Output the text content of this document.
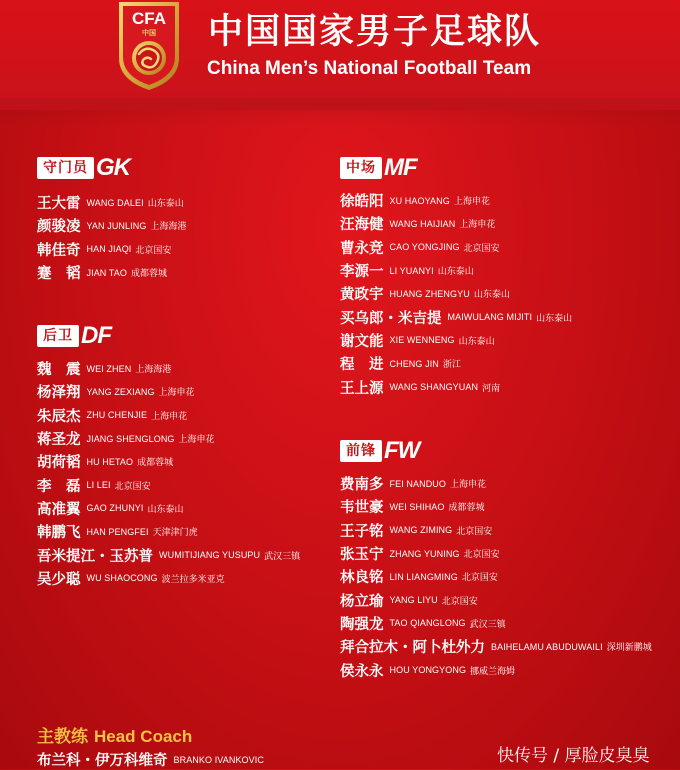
CFA
中国 中国国家男子足球队
China Men’s National Football Team
守门员 GK
王大雷 WANG DALEI 山东泰山
颜骏凌 YAN JUNLING 上海海港
韩佳奇 HAN JIAQI 北京国安
蹇　韬 JIAN TAO 成都蓉城
后卫 DF
魏　震 WEI ZHEN 上海海港
杨泽翔 YANG ZEXIANG 上海申花
朱辰杰 ZHU CHENJIE 上海申花
蒋圣龙 JIANG SHENGLONG 上海申花
胡荷韬 HU HETAO 成都蓉城
李　磊 LI LEI 北京国安
高准翼 GAO ZHUNYI 山东泰山
韩鹏飞 HAN PENGFEI 天津津门虎
吾米提江・玉苏普 WUMITIJIANG YUSUPU 武汉三镇
吴少聪 WU SHAOCONG 波兰拉多米亚克
中场 MF
徐皓阳 XU HAOYANG 上海申花
汪海健 WANG HAIJIAN 上海申花
曹永竞 CAO YONGJING 北京国安
李源一 LI YUANYI 山东泰山
黄政宇 HUANG ZHENGYU 山东泰山
买乌郎・米吉提 MAIWULANG MIJITI 山东泰山
谢文能 XIE WENNENG 山东泰山
程　进 CHENG JIN 浙江
王上源 WANG SHANGYUAN 河南
前锋 FW
费南多 FEI NANDUO 上海申花
韦世豪 WEI SHIHAO 成都蓉城
王子铭 WANG ZIMING 北京国安
张玉宁 ZHANG YUNING 北京国安
林良铭 LIN LIANGMING 北京国安
杨立瑜 YANG LIYU 北京国安
陶强龙 TAO QIANGLONG 武汉三镇
拜合拉木・阿卜杜外力 BAIHELAMU ABUDUWAILI 深圳新鹏城
侯永永 HOU YONGYONG 挪威兰海姆
主教练 Head Coach
布兰科・伊万科维奇 BRANKO IVANKOVIC	快传号 / 厚脸皮臭臭
